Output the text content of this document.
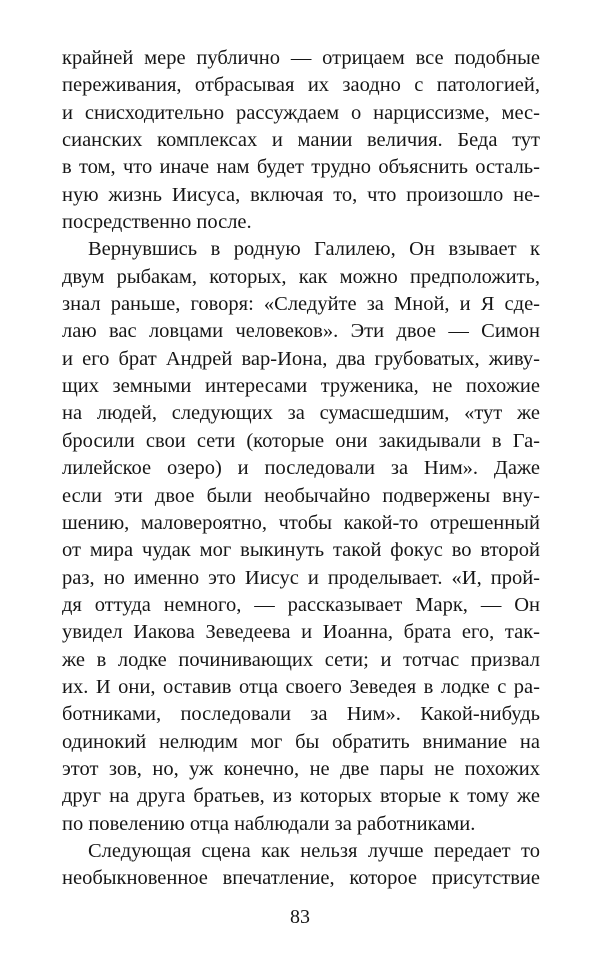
крайней мере публично — отрицаем все подобные
переживания, отбрасывая их заодно с патологией,
и снисходительно рассуждаем о нарциссизме, мес-
сианских комплексах и мании величия. Беда тут
в том, что иначе нам будет трудно объяснить осталь-
ную жизнь Иисуса, включая то, что произошло не-
посредственно после.
Вернувшись в родную Галилею, Он взывает к
двум рыбакам, которых, как можно предположить,
знал раньше, говоря: «Следуйте за Мной, и Я сде-
лаю вас ловцами человеков». Эти двое — Симон
и его брат Андрей вар-Иона, два грубоватых, живу-
щих земными интересами труженика, не похожие
на людей, следующих за сумасшедшим, «тут же
бросили свои сети (которые они закидывали в Га-
лилейское озеро) и последовали за Ним». Даже
если эти двое были необычайно подвержены вну-
шению, маловероятно, чтобы какой-то отрешенный
от мира чудак мог выкинуть такой фокус во второй
раз, но именно это Иисус и проделывает. «И, прой-
дя оттуда немного, — рассказывает Марк, — Он
увидел Иакова Зеведеева и Иоанна, брата его, так-
же в лодке починивающих сети; и тотчас призвал
их. И они, оставив отца своего Зеведея в лодке с ра-
ботниками, последовали за Ним». Какой-нибудь
одинокий нелюдим мог бы обратить внимание на
этот зов, но, уж конечно, не две пары не похожих
друг на друга братьев, из которых вторые к тому же
по повелению отца наблюдали за работниками.
Следующая сцена как нельзя лучше передает то
необыкновенное впечатление, которое присутствие
83
